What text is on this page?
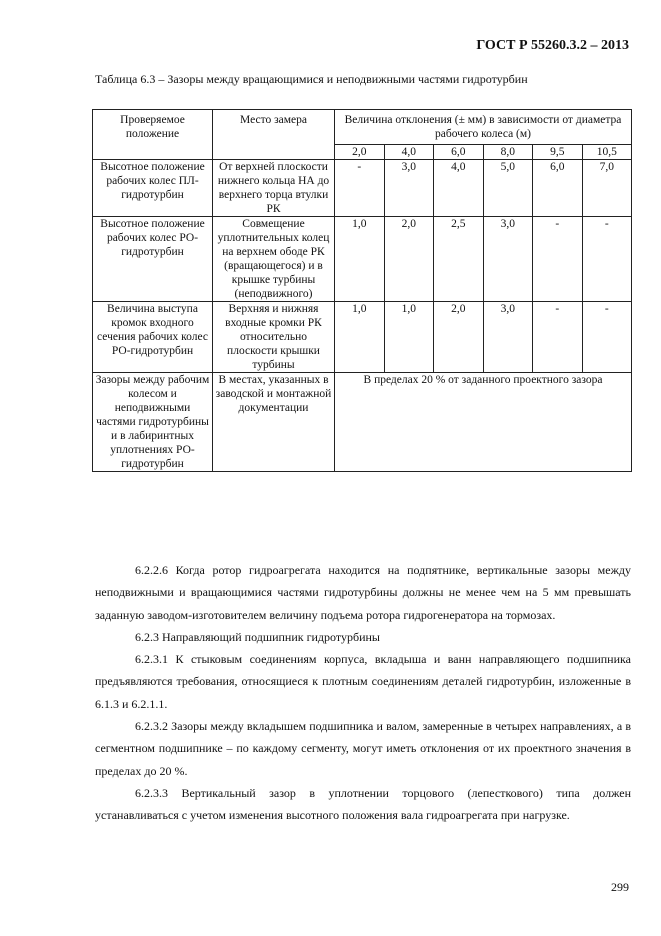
ГОСТ Р 55260.3.2 – 2013
Таблица 6.3 – Зазоры между вращающимися и неподвижными частями гидротурбин
Проверяемое положение	Место замера	Величина отклонения (± мм) в зависимости от диаметра рабочего колеса (м)					
		2,0	4,0	6,0	8,0	9,5	10,5
Высотное положение рабочих колес ПЛ-гидротурбин	От верхней плоскости нижнего кольца НА до верхнего торца втулки РК	-	3,0	4,0	5,0	6,0	7,0
Высотное положение рабочих колес РО-гидротурбин	Совмещение уплотнительных колец на верхнем ободе РК (вращающегося) и в крышке турбины (неподвижного)	1,0	2,0	2,5	3,0	-	-
Величина выступа кромок входного сечения рабочих колес РО-гидротурбин	Верхняя и нижняя входные кромки РК относительно плоскости крышки турбины	1,0	1,0	2,0	3,0	-	-
Зазоры между рабочим колесом и неподвижными частями гидротурбины и в лабиринтных уплотнениях РО-гидротурбин	В местах, указанных в заводской и монтажной документации	В пределах 20 % от заданного проектного зазора					

6.2.2.6 Когда ротор гидроагрегата находится на подпятнике, вертикальные зазоры между неподвижными и вращающимися частями гидротурбины должны не менее чем на 5 мм превышать заданную заводом-изготовителем величину подъема ротора гидрогенератора на тормозах.

6.2.3 Направляющий подшипник гидротурбины

6.2.3.1 К стыковым соединениям корпуса, вкладыша и ванн направляющего подшипника предъявляются требования, относящиеся к плотным соединениям деталей гидротурбин, изложенные в 6.1.3 и 6.2.1.1.

6.2.3.2 Зазоры между вкладышем подшипника и валом, замеренные в четырех направлениях, а в сегментном подшипнике – по каждому сегменту, могут иметь отклонения от их проектного значения в пределах до 20 %.

6.2.3.3 Вертикальный зазор в уплотнении торцового (лепесткового) типа должен устанавливаться с учетом изменения высотного положения вала гидроагрегата при нагрузке.

299
